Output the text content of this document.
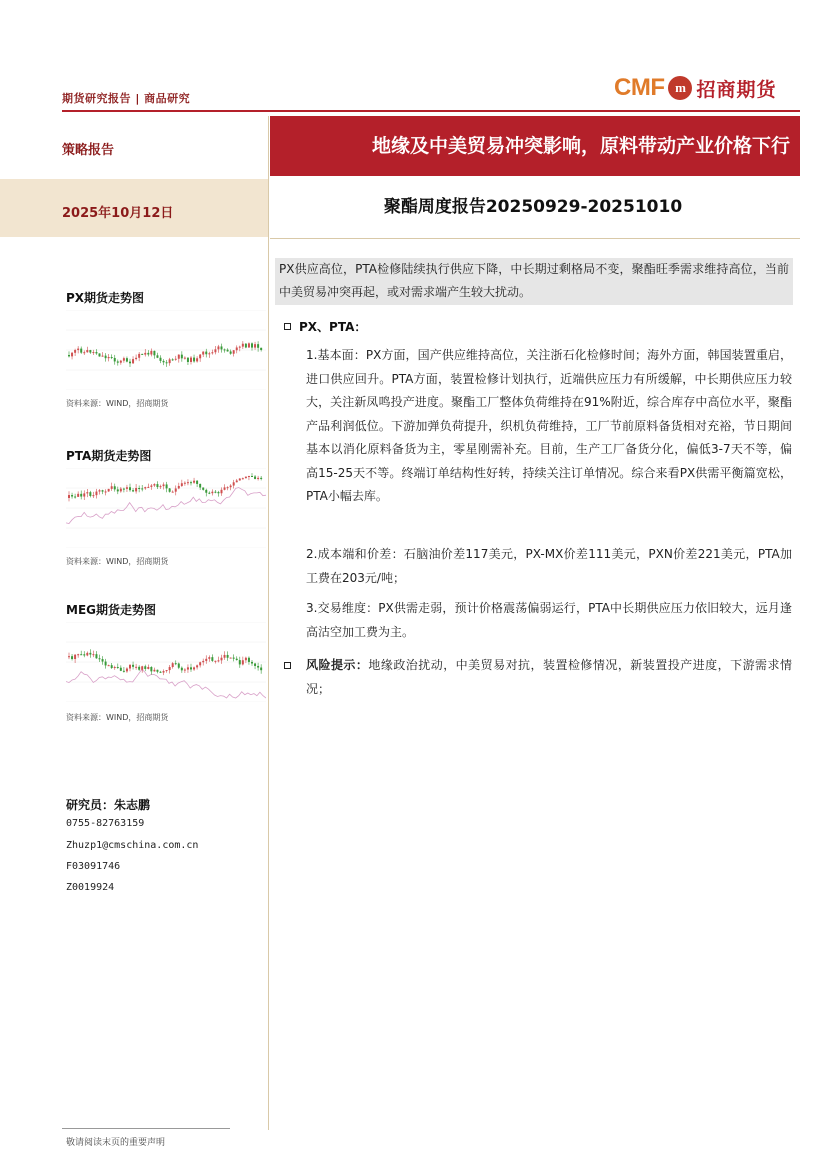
期货研究报告 | 商品研究	CMF m 招商期货
策略报告	地缘及中美贸易冲突影响，原料带动产业价格下行
2025年10月12日	聚酯周度报告20250929-20251010
PX供应高位，PTA检修陆续执行供应下降，中长期过剩格局不变，聚酯旺季需求维持高位，当前中美贸易冲突再起，或对需求端产生较大扰动。
PX、PTA：
1.基本面：PX方面，国产供应维持高位，关注浙石化检修时间；海外方面，韩国装置重启，进口供应回升。PTA方面，装置检修计划执行，近端供应压力有所缓解，中长期供应压力较大，关注新凤鸣投产进度。聚酯工厂整体负荷维持在91%附近，综合库存中高位水平，聚酯产品利润低位。下游加弹负荷提升，织机负荷维持，工厂节前原料备货相对充裕，节日期间基本以消化原料备货为主，零星刚需补充。目前，生产工厂备货分化，偏低3-7天不等，偏高15-25天不等。终端订单结构性好转，持续关注订单情况。综合来看PX供需平衡篇宽松，PTA小幅去库。
2.成本端和价差：石脑油价差117美元，PX-MX价差111美元，PXN价差221美元，PTA加工费在203元/吨；
3.交易维度：PX供需走弱，预计价格震荡偏弱运行，PTA中长期供应压力依旧较大，远月逢高沽空加工费为主。
风险提示：地缘政治扰动，中美贸易对抗，装置检修情况，新装置投产进度，下游需求情况；
PX期货走势图
资料来源：WIND，招商期货
PTA期货走势图
资料来源：WIND，招商期货
MEG期货走势图
资料来源：WIND，招商期货
研究员：朱志鹏
0755-82763159
Zhuzp1@cmschina.com.cn
F03091746
Z0019924
敬请阅读末页的重要声明
